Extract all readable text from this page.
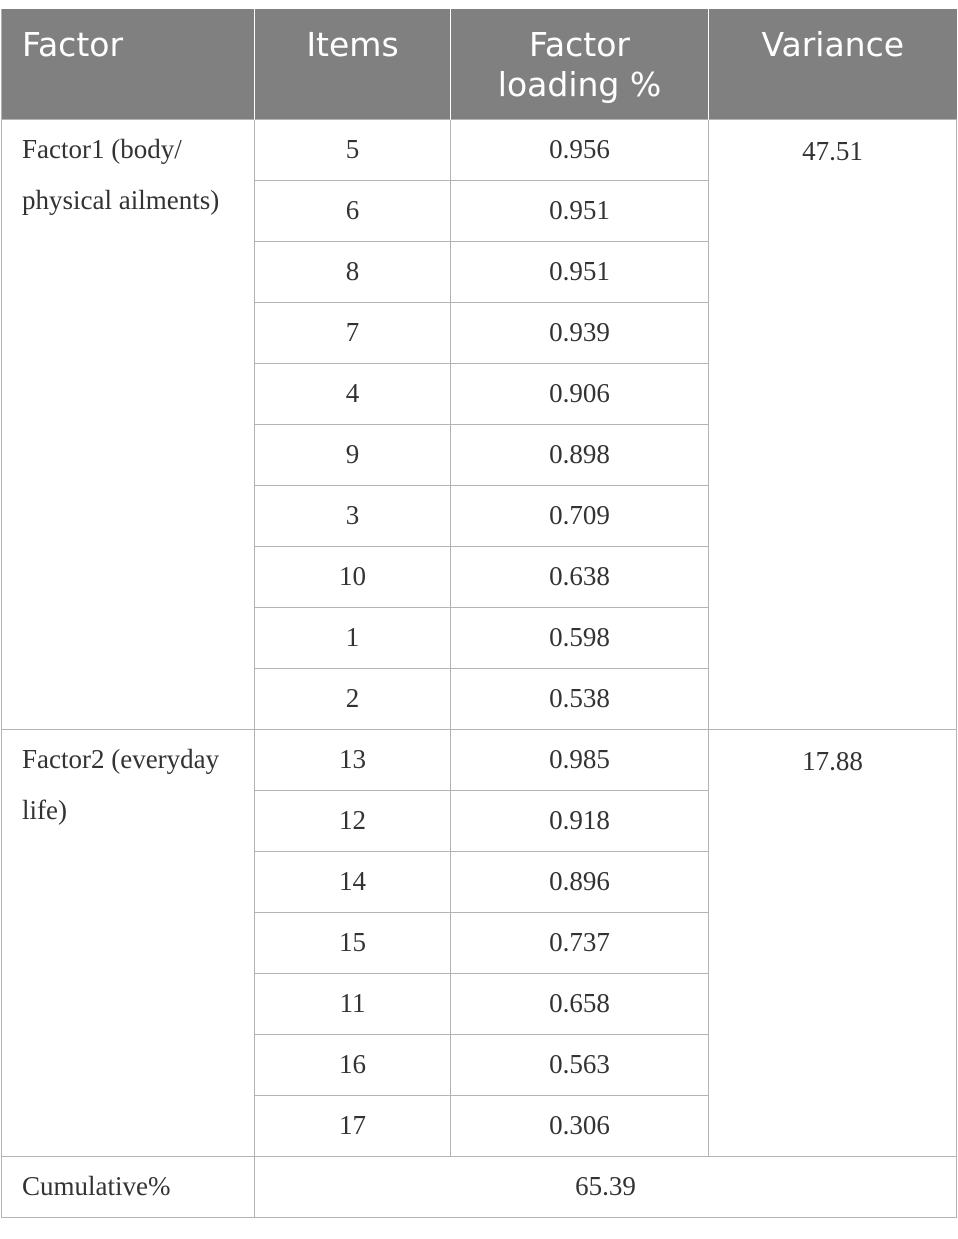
Factor	Items	Factor loading %	Variance

Factor1 (body/ physical ailments)	5	0.956	47.51
	6	0.951	
	8	0.951	
	7	0.939	
	4	0.906	
	9	0.898	
	3	0.709	
	10	0.638	
	1	0.598	
	2	0.538	

Factor2 (everyday life)	13	0.985	17.88
	12	0.918	
	14	0.896	
	15	0.737	
	11	0.658	
	16	0.563	
	17	0.306	
Cumulative%	65.39		
